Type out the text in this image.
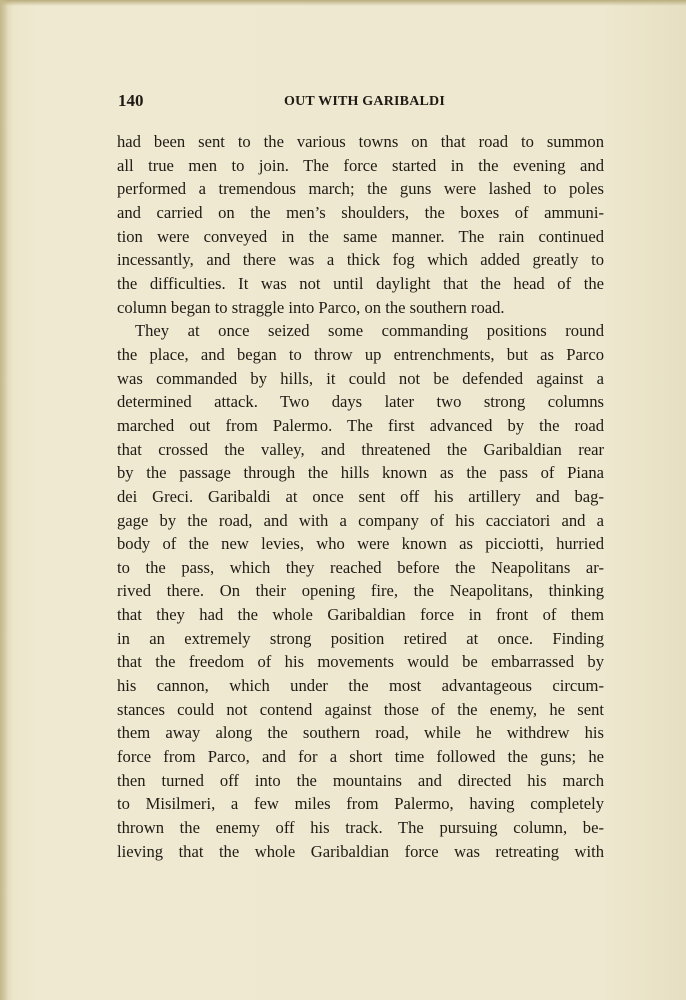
140	OUT WITH GARIBALDI
had been sent to the various towns on that road to summon
all true men to join. The force started in the evening and
performed a tremendous march; the guns were lashed to poles
and carried on the men’s shoulders, the boxes of ammuni-
tion were conveyed in the same manner. The rain continued
incessantly, and there was a thick fog which added greatly to
the difficulties. It was not until daylight that the head of the
column began to straggle into Parco, on the southern road.
They at once seized some commanding positions round
the place, and began to throw up entrenchments, but as Parco
was commanded by hills, it could not be defended against a
determined attack. Two days later two strong columns
marched out from Palermo. The first advanced by the road
that crossed the valley, and threatened the Garibaldian rear
by the passage through the hills known as the pass of Piana
dei Greci. Garibaldi at once sent off his artillery and bag-
gage by the road, and with a company of his cacciatori and a
body of the new levies, who were known as picciotti, hurried
to the pass, which they reached before the Neapolitans ar-
rived there. On their opening fire, the Neapolitans, thinking
that they had the whole Garibaldian force in front of them
in an extremely strong position retired at once. Finding
that the freedom of his movements would be embarrassed by
his cannon, which under the most advantageous circum-
stances could not contend against those of the enemy, he sent
them away along the southern road, while he withdrew his
force from Parco, and for a short time followed the guns; he
then turned off into the mountains and directed his march
to Misilmeri, a few miles from Palermo, having completely
thrown the enemy off his track. The pursuing column, be-
lieving that the whole Garibaldian force was retreating with
